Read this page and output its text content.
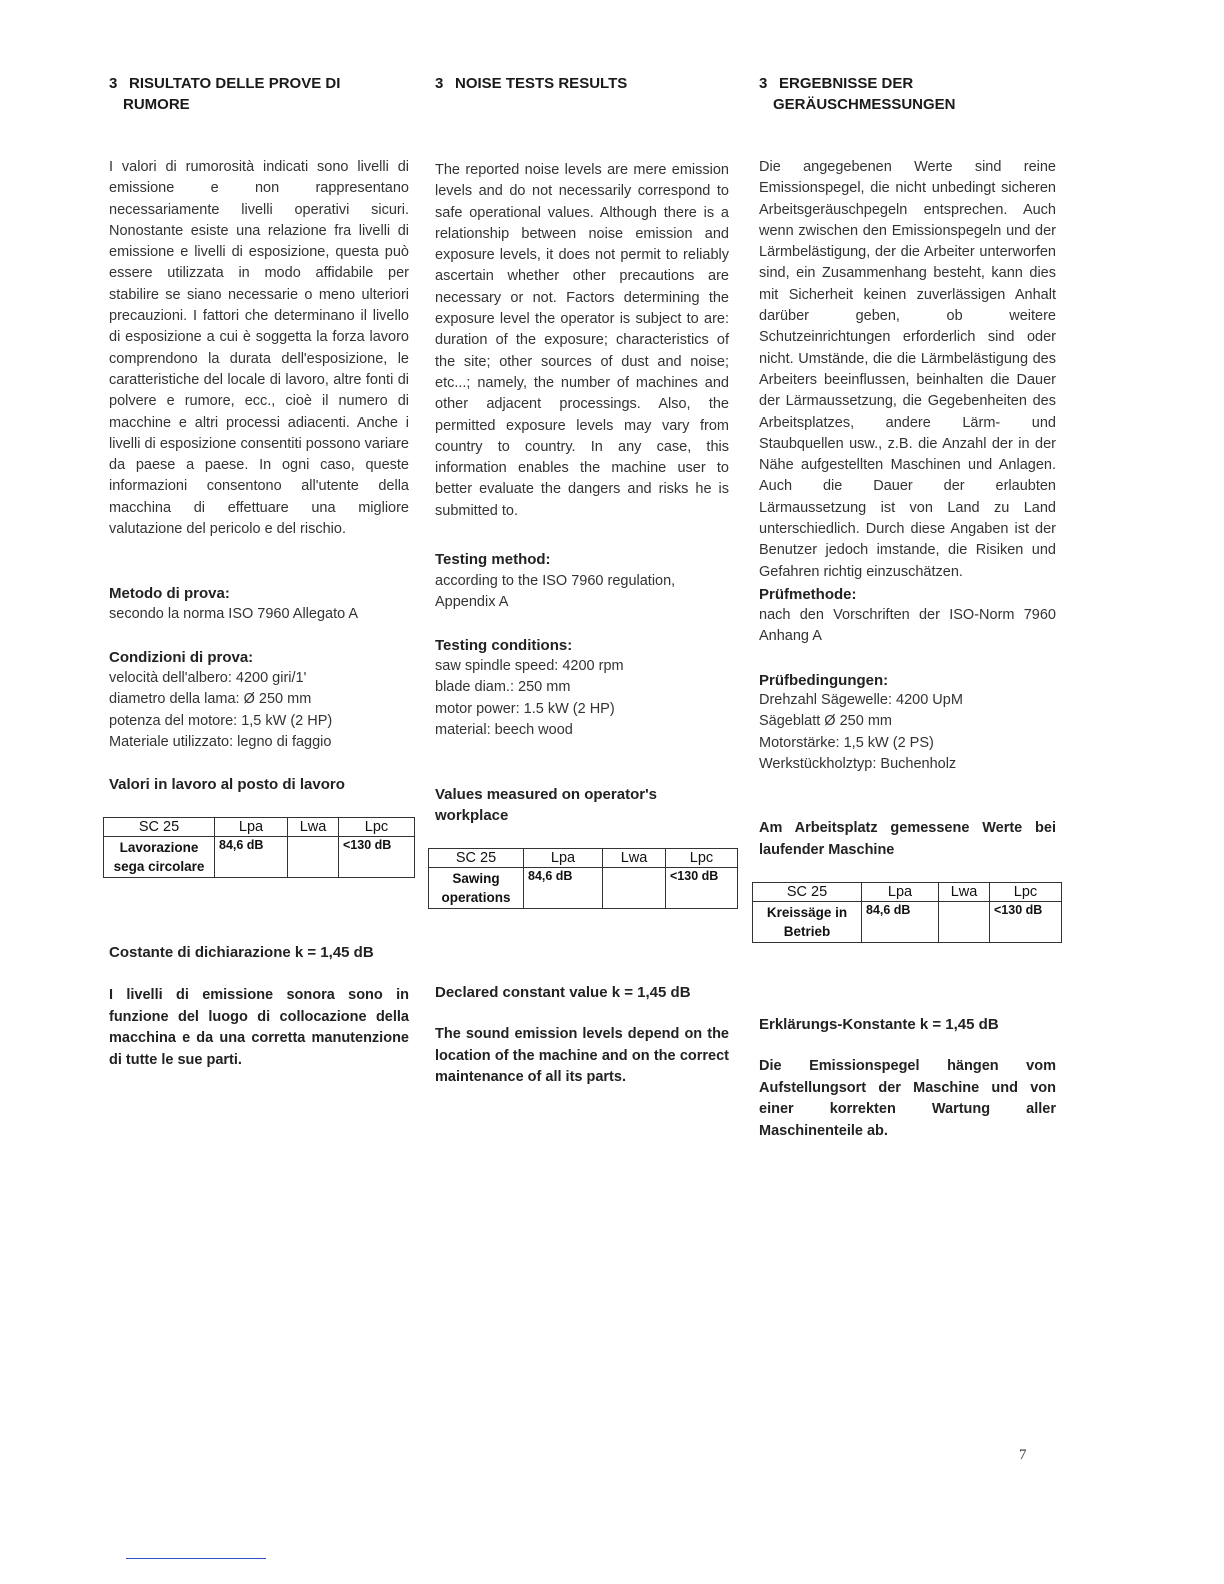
3 RISULTATO DELLE PROVE DI
RUMORE

I valori di rumorosità indicati sono livelli di emissione e non rappresentano necessariamente livelli operativi sicuri. Nonostante esiste una relazione fra livelli di emissione e livelli di esposizione, questa può essere utilizzata in modo affidabile per stabilire se siano necessarie o meno ulteriori precauzioni. I fattori che determinano il livello di esposizione a cui è soggetta la forza lavoro comprendono la durata dell'esposizione, le caratteristiche del locale di lavoro, altre fonti di polvere e rumore, ecc., cioè il numero di macchine e altri processi adiacenti. Anche i livelli di esposizione consentiti possono variare da paese a paese. In ogni caso, queste informazioni consentono all'utente della macchina di effettuare una migliore valutazione del pericolo e del rischio.

Metodo di prova:
secondo la norma ISO 7960 Allegato A
Condizioni di prova:
velocità dell'albero: 4200 giri/1'
diametro della lama: Ø 250 mm
potenza del motore: 1,5 kW (2 HP)
Materiale utilizzato: legno di faggio
Valori in lavoro al posto di lavoro
SC 25	Lpa	Lwa	Lpc
Lavorazione sega circolare	84,6 dB		<130 dB
Costante di dichiarazione k = 1,45 dB

I livelli di emissione sonora sono in funzione del luogo di collocazione della macchina e da una corretta manutenzione di tutte le sue parti.

3 NOISE TESTS RESULTS

The reported noise levels are mere emission levels and do not necessarily correspond to safe operational values. Although there is a relationship between noise emission and exposure levels, it does not permit to reliably ascertain whether other precautions are necessary or not. Factors determining the exposure level the operator is subject to are: duration of the exposure; characteristics of the site; other sources of dust and noise; etc...; namely, the number of machines and other adjacent processings. Also, the permitted exposure levels may vary from country to country. In any case, this information enables the machine user to better evaluate the dangers and risks he is submitted to.

Testing method:
according to the ISO 7960 regulation,
Appendix A
Testing conditions:
saw spindle speed: 4200 rpm
blade diam.: 250 mm
motor power: 1.5 kW (2 HP)
material: beech wood
Values measured on operator's workplace
SC 25	Lpa	Lwa	Lpc
Sawing operations	84,6 dB		<130 dB
Declared constant value k = 1,45 dB

The sound emission levels depend on the location of the machine and on the correct maintenance of all its parts.

3 ERGEBNISSE DER
GERÄUSCHMESSUNGEN

Die angegebenen Werte sind reine Emissionspegel, die nicht unbedingt sicheren Arbeitsgeräuschpegeln entsprechen. Auch wenn zwischen den Emissionspegeln und der Lärmbelästigung, der die Arbeiter unterworfen sind, ein Zusammenhang besteht, kann dies mit Sicherheit keinen zuverlässigen Anhalt darüber geben, ob weitere Schutzeinrichtungen erforderlich sind oder nicht. Umstände, die die Lärmbelästigung des Arbeiters beeinflussen, beinhalten die Dauer der Lärmaussetzung, die Gegebenheiten des Arbeitsplatzes, andere Lärm- und Staubquellen usw., z.B. die Anzahl der in der Nähe aufgestellten Maschinen und Anlagen. Auch die Dauer der erlaubten Lärmaussetzung ist von Land zu Land unterschiedlich. Durch diese Angaben ist der Benutzer jedoch imstande, die Risiken und Gefahren richtig einzuschätzen.

Prüfmethode:

nach den Vorschriften der ISO-Norm 7960 Anhang A

Prüfbedingungen:
Drehzahl Sägewelle: 4200 UpM
Sägeblatt Ø 250 mm
Motorstärke: 1,5 kW (2 PS)
Werkstückholztyp: Buchenholz

Am Arbeitsplatz gemessene Werte bei laufender Maschine

SC 25	Lpa	Lwa	Lpc
Kreissäge in Betrieb	84,6 dB		<130 dB
Erklärungs-Konstante k = 1,45 dB

Die Emissionspegel hängen vom Aufstellungsort der Maschine und von einer korrekten Wartung aller Maschinenteile ab.

7
